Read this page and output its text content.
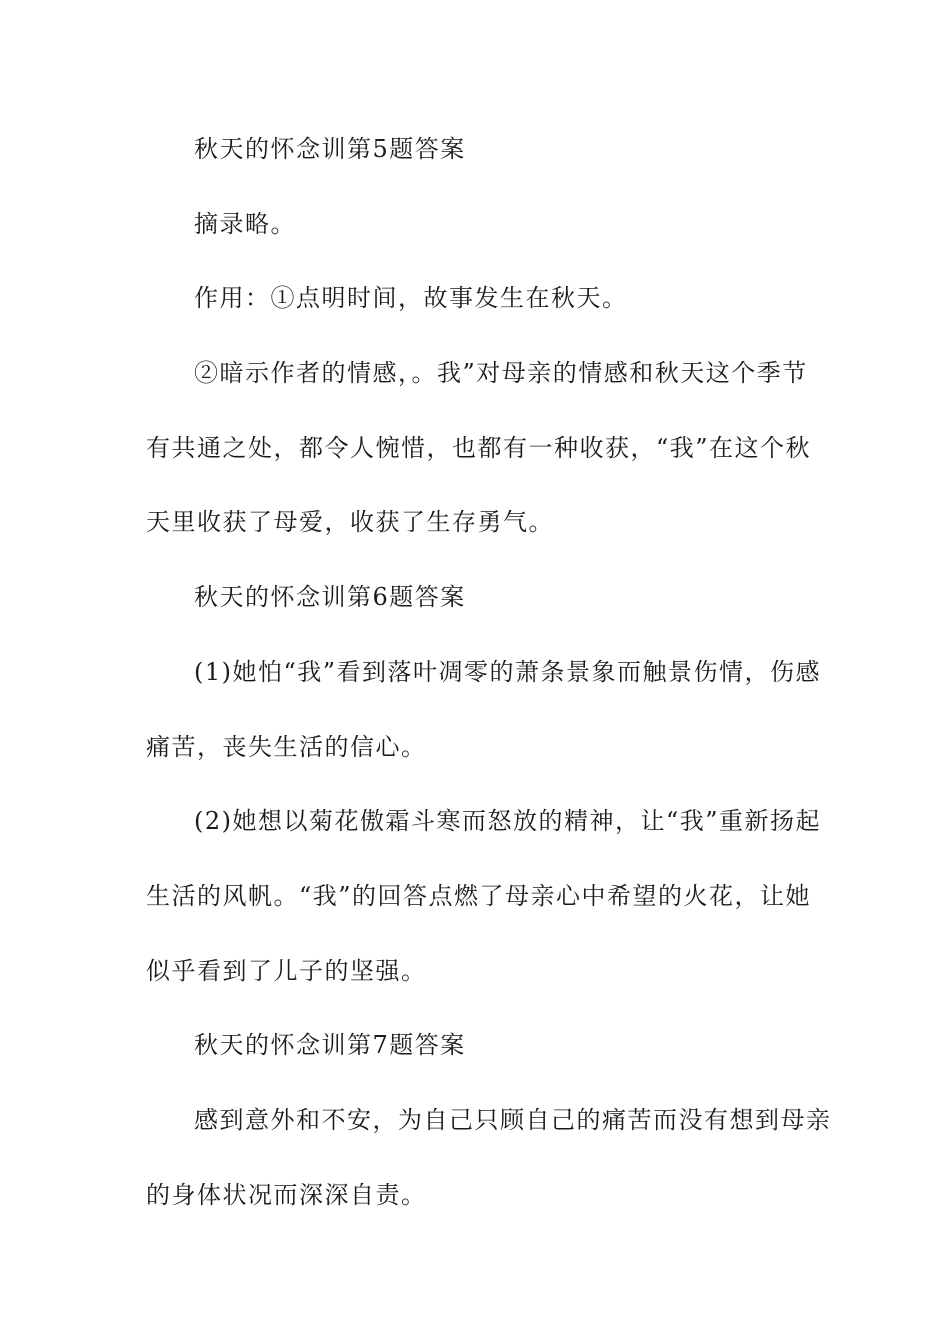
秋天的怀念训第5题答案
摘录略。
作用：①点明时间，故事发生在秋天。
②暗示作者的情感，。我”对母亲的情感和秋天这个季节
有共通之处，都令人惋惜，也都有一种收获，“我”在这个秋
天里收获了母爱，收获了生存勇气。
秋天的怀念训第6题答案
(1)她怕“我”看到落叶凋零的萧条景象而触景伤情，伤感
痛苦，丧失生活的信心。
(2)她想以菊花傲霜斗寒而怒放的精神，让“我”重新扬起
生活的风帆。“我”的回答点燃了母亲心中希望的火花，让她
似乎看到了儿子的坚强。
秋天的怀念训第7题答案
感到意外和不安，为自己只顾自己的痛苦而没有想到母亲
的身体状况而深深自责。
